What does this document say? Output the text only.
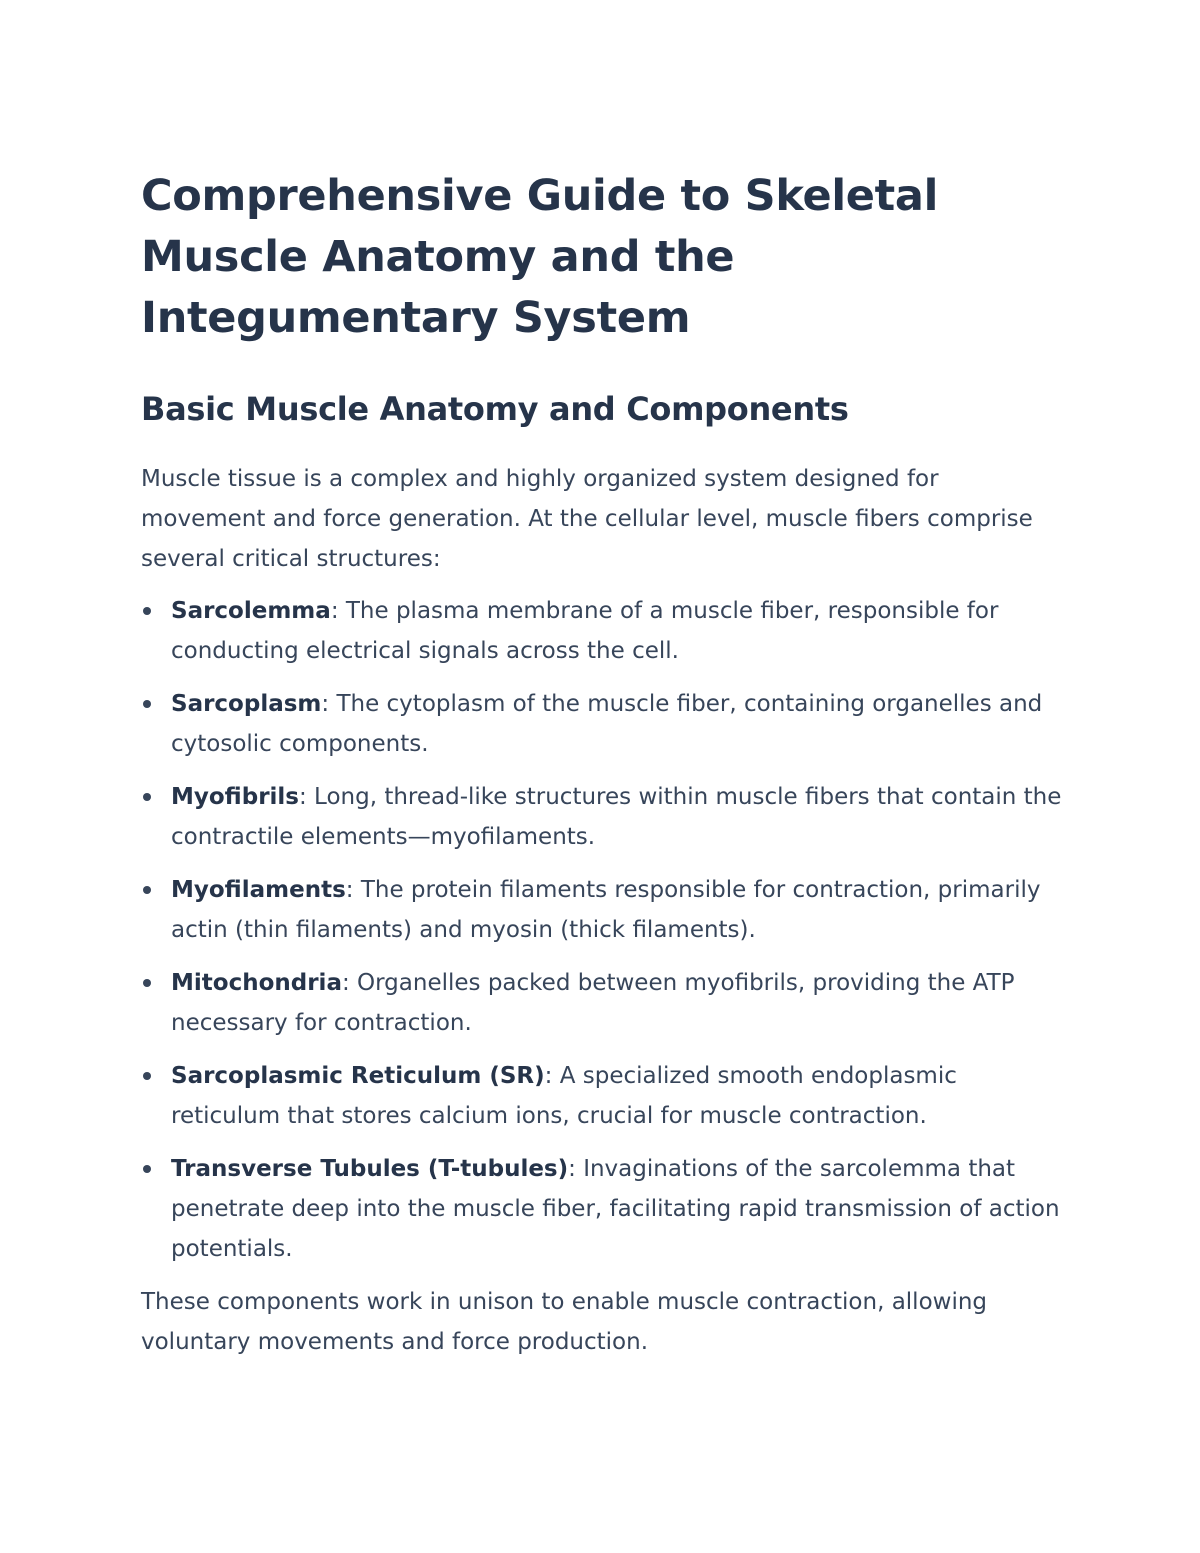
Comprehensive Guide to Skeletal Muscle Anatomy and the Integumentary System
Basic Muscle Anatomy and Components

Muscle tissue is a complex and highly organized system designed for movement and force generation. At the cellular level, muscle fibers comprise several critical structures:

Sarcolemma: The plasma membrane of a muscle fiber, responsible for conducting electrical signals across the cell.
Sarcoplasm: The cytoplasm of the muscle fiber, containing organelles and cytosolic components.
Myofibrils: Long, thread-like structures within muscle fibers that contain the contractile elements—myofilaments.
Myofilaments: The protein filaments responsible for contraction, primarily actin (thin filaments) and myosin (thick filaments).
Mitochondria: Organelles packed between myofibrils, providing the ATP necessary for contraction.
Sarcoplasmic Reticulum (SR): A specialized smooth endoplasmic reticulum that stores calcium ions, crucial for muscle contraction.
Transverse Tubules (T-tubules): Invaginations of the sarcolemma that penetrate deep into the muscle fiber, facilitating rapid transmission of action potentials.

These components work in unison to enable muscle contraction, allowing voluntary movements and force production.
